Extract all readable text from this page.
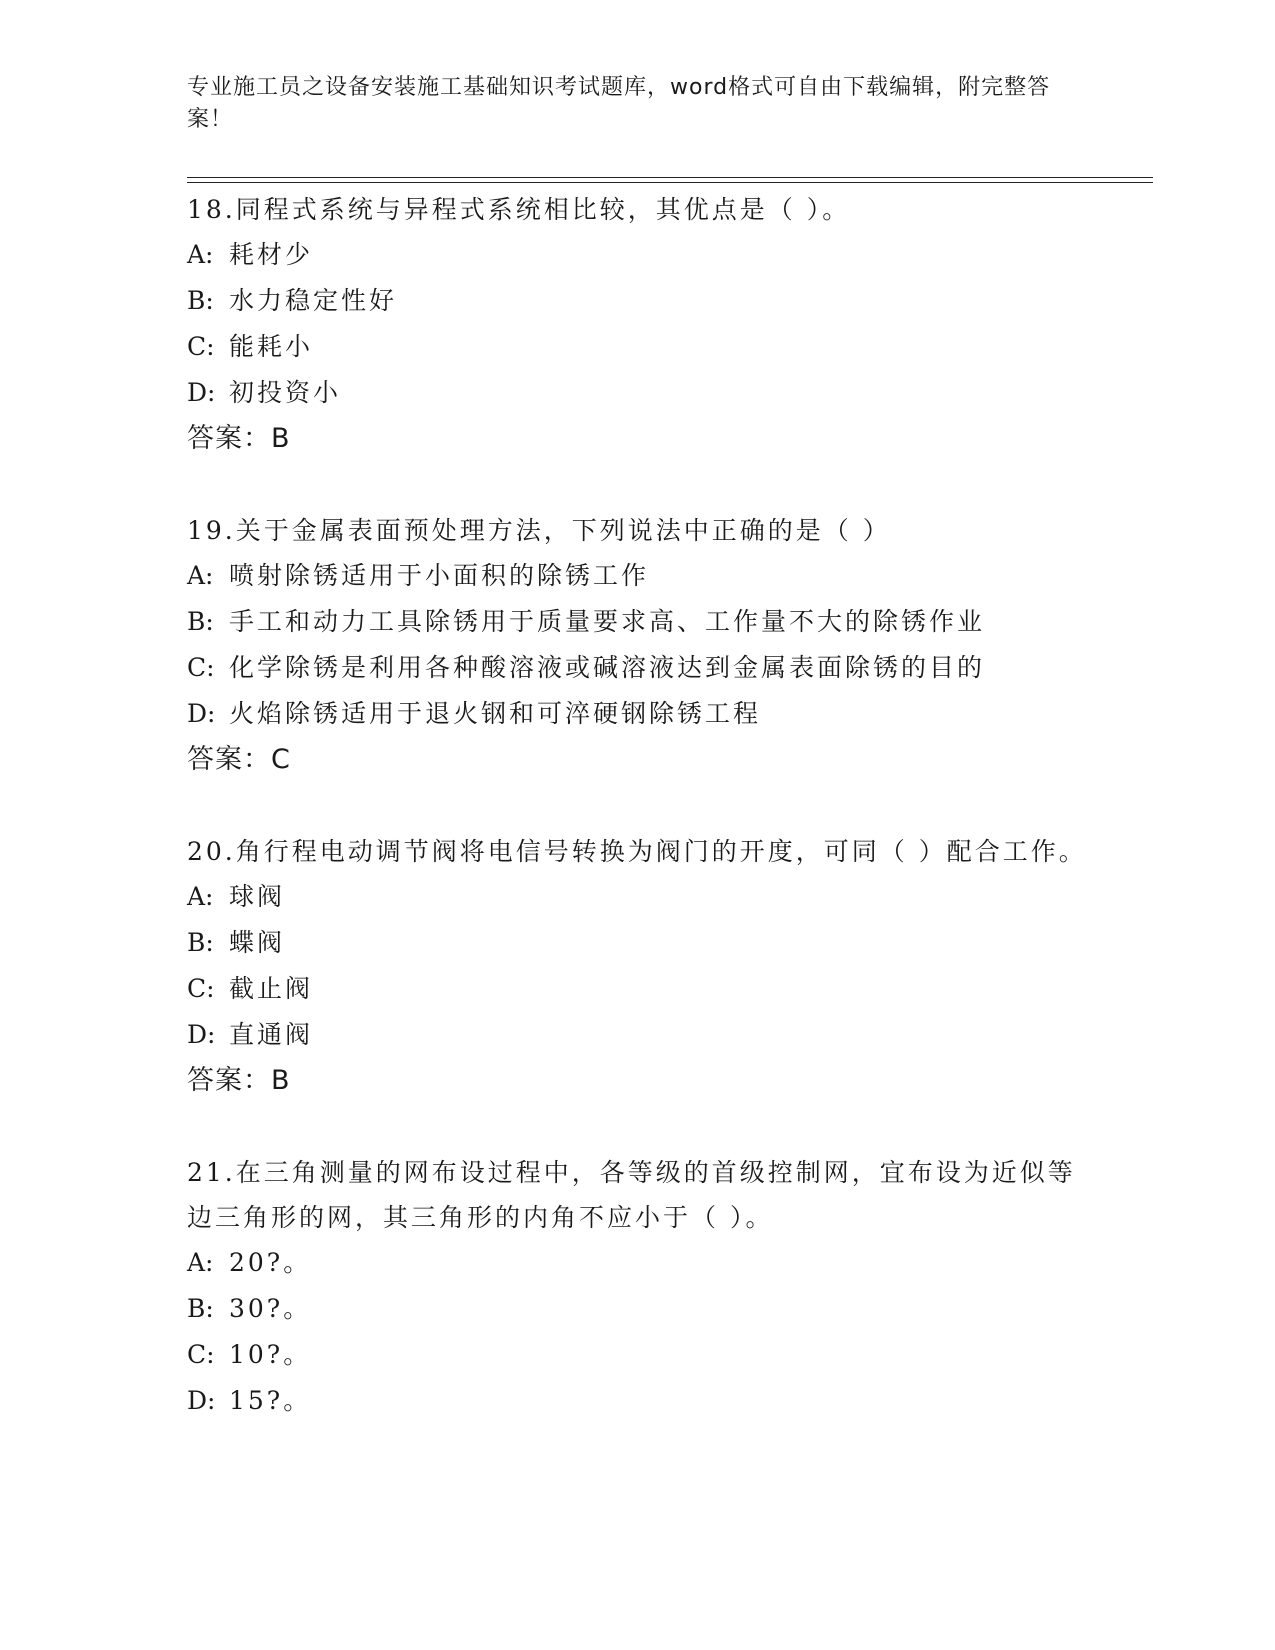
专业施工员之设备安装施工基础知识考试题库，word格式可自由下载编辑，附完整答案！

18.同程式系统与异程式系统相比较，其优点是（ ）。

A: 耗材少

B: 水力稳定性好

C: 能耗小

D: 初投资小

答案：B

19.关于金属表面预处理方法，下列说法中正确的是（ ）

A: 喷射除锈适用于小面积的除锈工作

B: 手工和动力工具除锈用于质量要求高、工作量不大的除锈作业

C: 化学除锈是利用各种酸溶液或碱溶液达到金属表面除锈的目的

D: 火焰除锈适用于退火钢和可淬硬钢除锈工程

答案：C

20.角行程电动调节阀将电信号转换为阀门的开度，可同（ ）配合工作。

A: 球阀

B: 蝶阀

C: 截止阀

D: 直通阀

答案：B

21.在三角测量的网布设过程中，各等级的首级控制网，宜布设为近似等边三角形的网，其三角形的内角不应小于（ ）。

A: 20?。

B: 30?。

C: 10?。

D: 15?。
